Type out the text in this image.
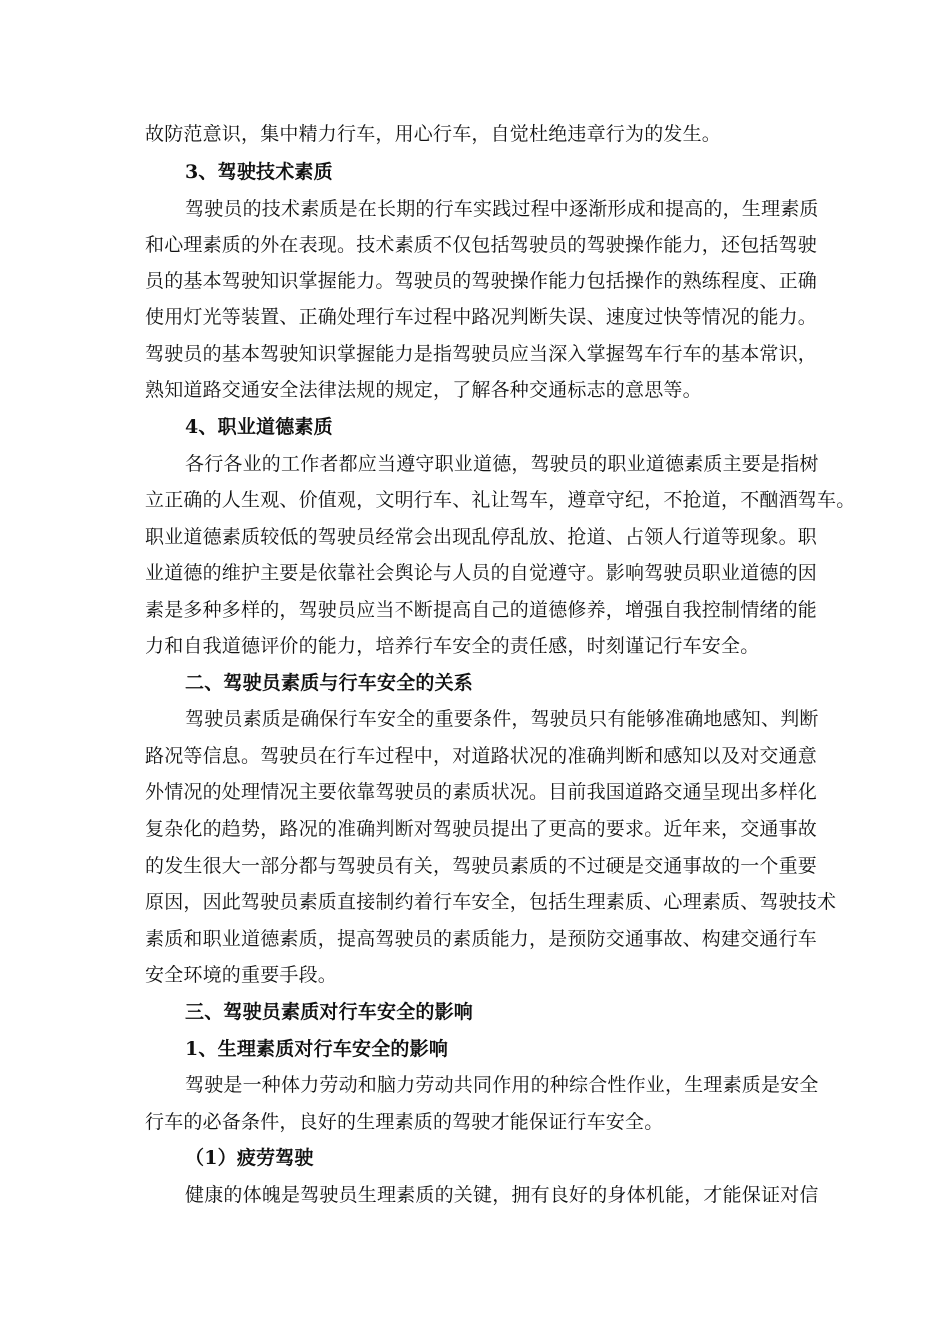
故防范意识，集中精力行车，用心行车，自觉杜绝违章行为的发生。
3、驾驶技术素质
驾驶员的技术素质是在长期的行车实践过程中逐渐形成和提高的，生理素质
和心理素质的外在表现。技术素质不仅包括驾驶员的驾驶操作能力，还包括驾驶
员的基本驾驶知识掌握能力。驾驶员的驾驶操作能力包括操作的熟练程度、正确
使用灯光等装置、正确处理行车过程中路况判断失误、速度过快等情况的能力。
驾驶员的基本驾驶知识掌握能力是指驾驶员应当深入掌握驾车行车的基本常识，
熟知道路交通安全法律法规的规定，了解各种交通标志的意思等。
4、职业道德素质
各行各业的工作者都应当遵守职业道德，驾驶员的职业道德素质主要是指树
立正确的人生观、价值观，文明行车、礼让驾车，遵章守纪，不抢道，不酗酒驾车。
职业道德素质较低的驾驶员经常会出现乱停乱放、抢道、占领人行道等现象。职
业道德的维护主要是依靠社会舆论与人员的自觉遵守。影响驾驶员职业道德的因
素是多种多样的，驾驶员应当不断提高自己的道德修养，增强自我控制情绪的能
力和自我道德评价的能力，培养行车安全的责任感，时刻谨记行车安全。
二、驾驶员素质与行车安全的关系
驾驶员素质是确保行车安全的重要条件，驾驶员只有能够准确地感知、判断
路况等信息。驾驶员在行车过程中，对道路状况的准确判断和感知以及对交通意
外情况的处理情况主要依靠驾驶员的素质状况。目前我国道路交通呈现出多样化
复杂化的趋势，路况的准确判断对驾驶员提出了更高的要求。近年来，交通事故
的发生很大一部分都与驾驶员有关，驾驶员素质的不过硬是交通事故的一个重要
原因，因此驾驶员素质直接制约着行车安全，包括生理素质、心理素质、驾驶技术
素质和职业道德素质，提高驾驶员的素质能力，是预防交通事故、构建交通行车
安全环境的重要手段。
三、驾驶员素质对行车安全的影响
1、生理素质对行车安全的影响
驾驶是一种体力劳动和脑力劳动共同作用的种综合性作业，生理素质是安全
行车的必备条件，良好的生理素质的驾驶才能保证行车安全。
（1）疲劳驾驶
健康的体魄是驾驶员生理素质的关键，拥有良好的身体机能，才能保证对信
